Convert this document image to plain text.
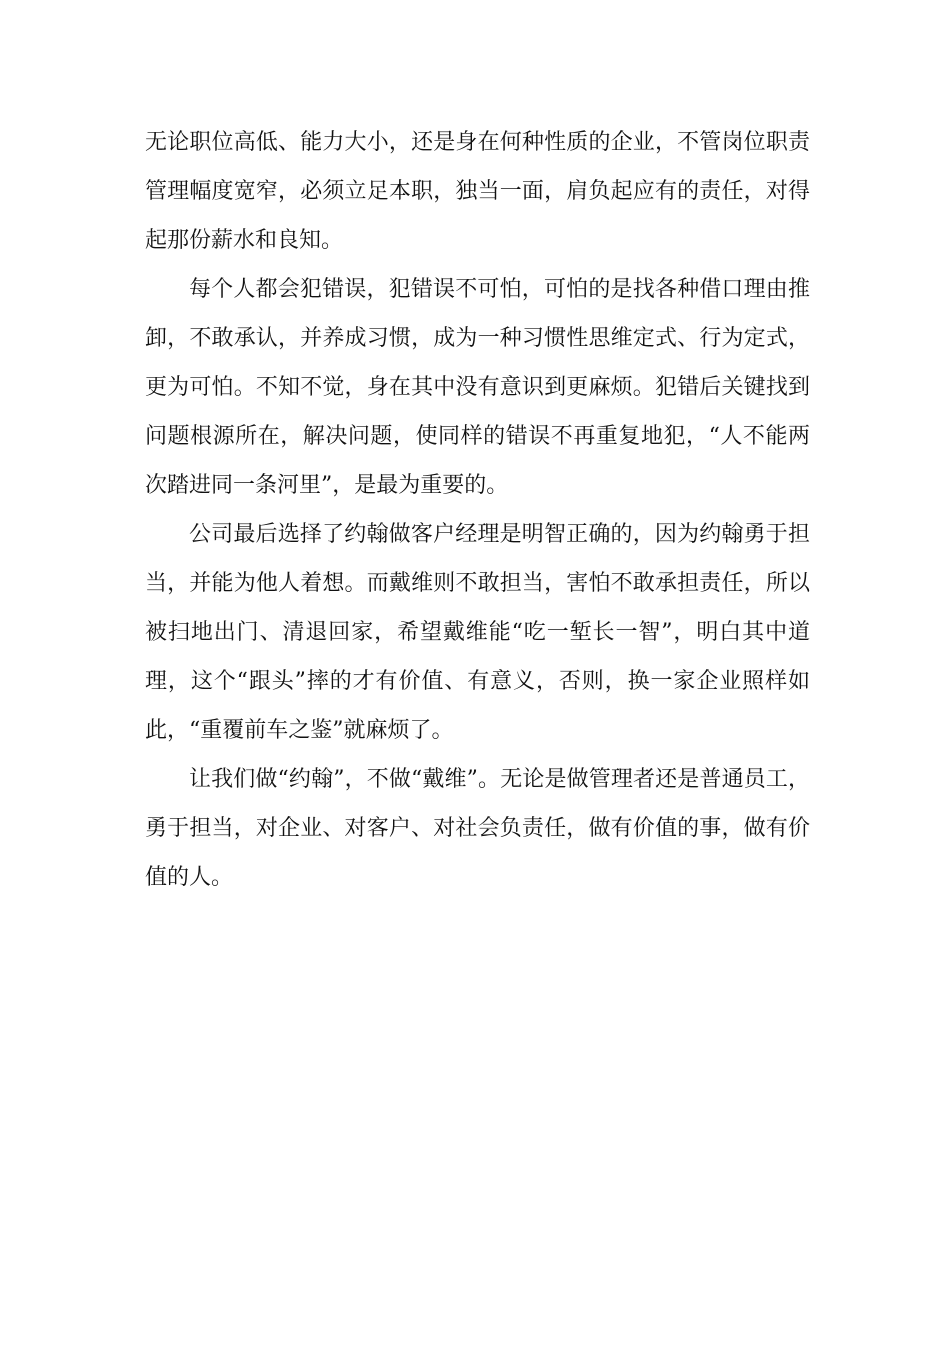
无论职位高低、能力大小，还是身在何种性质的企业，不管岗位职责
管理幅度宽窄，必须立足本职，独当一面，肩负起应有的责任，对得
起那份薪水和良知。
每个人都会犯错误，犯错误不可怕，可怕的是找各种借口理由推
卸，不敢承认，并养成习惯，成为一种习惯性思维定式、行为定式，
更为可怕。不知不觉，身在其中没有意识到更麻烦。犯错后关键找到
问题根源所在，解决问题，使同样的错误不再重复地犯，“人不能两
次踏进同一条河里”，是最为重要的。
公司最后选择了约翰做客户经理是明智正确的，因为约翰勇于担
当，并能为他人着想。而戴维则不敢担当，害怕不敢承担责任，所以
被扫地出门、清退回家，希望戴维能“吃一堑长一智”，明白其中道
理，这个“跟头”摔的才有价值、有意义，否则，换一家企业照样如
此，“重覆前车之鉴”就麻烦了。
让我们做“约翰”，不做“戴维”。无论是做管理者还是普通员工，
勇于担当，对企业、对客户、对社会负责任，做有价值的事，做有价
值的人。
